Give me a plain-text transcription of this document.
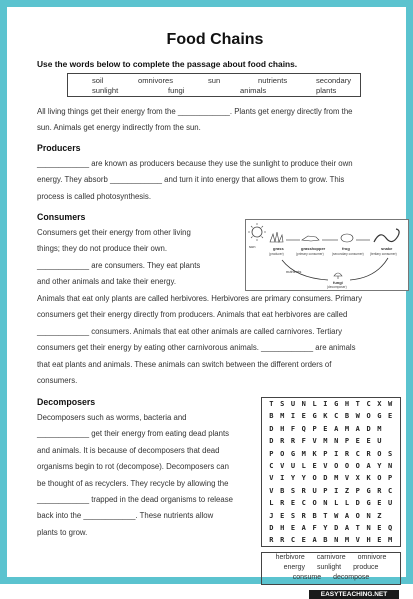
Food Chains
Use the words below to complete the passage about food chains.
soil	omnivores	sun	nutrients	secondary
sunlight	fungi	animals	plants
All living things get their energy from the ____________. Plants get energy directly from the
sun. Animals get energy indirectly from the sun.
Producers
____________ are known as producers because they use the sunlight to produce their own
energy. They absorb ____________ and turn it into energy that allows them to grow. This
process is called photosynthesis.
Consumers
Consumers get their energy from other living
things; they do not produce their own.
____________ are consumers. They eat plants
and other animals and take their energy.
sun	grass
(producer)
grasshopper
(primary consumer)
frog
(secondary consumer)
snake
(tertiary consumer)
nutrients
fungi
(decomposer)
Animals that eat only plants are called herbivores. Herbivores are primary consumers. Primary
consumers get their energy directly from producers. Animals that eat herbivores are called
____________ consumers. Animals that eat other animals are called carnivores. Tertiary
consumers get their energy by eating other carnivorous animals. ____________ are animals
that eat plants and animals. These animals can switch between the different orders of
consumers.
Decomposers
Decomposers such as worms, bacteria and
____________ get their energy from eating dead plants
and animals. It is because of decomposers that dead
organisms begin to rot (decompose). Decomposers can
be thought of as recyclers. They recycle by allowing the
____________ trapped in the dead organisms to release
back into the ____________. These nutrients allow
plants to grow.
T S U N L I G H T C X W
B M I E G K C B W O G E
D H F Q P E A M A D M
D R R F V M N P E E U
P O G M K P I R C R O S
C V U L E V O O O A Y N
V I Y Y O D M V X K O P
V B S R U P I Z P G R C
L R E C O N L L D G E U
J E S R B T W A O N Z
D H E A F Y D A T N E Q
R R C E A B N M V H E M
herbivore carnivore omnivore
energy sunlight produce
consume decompose
EASYTEACHING.NET
